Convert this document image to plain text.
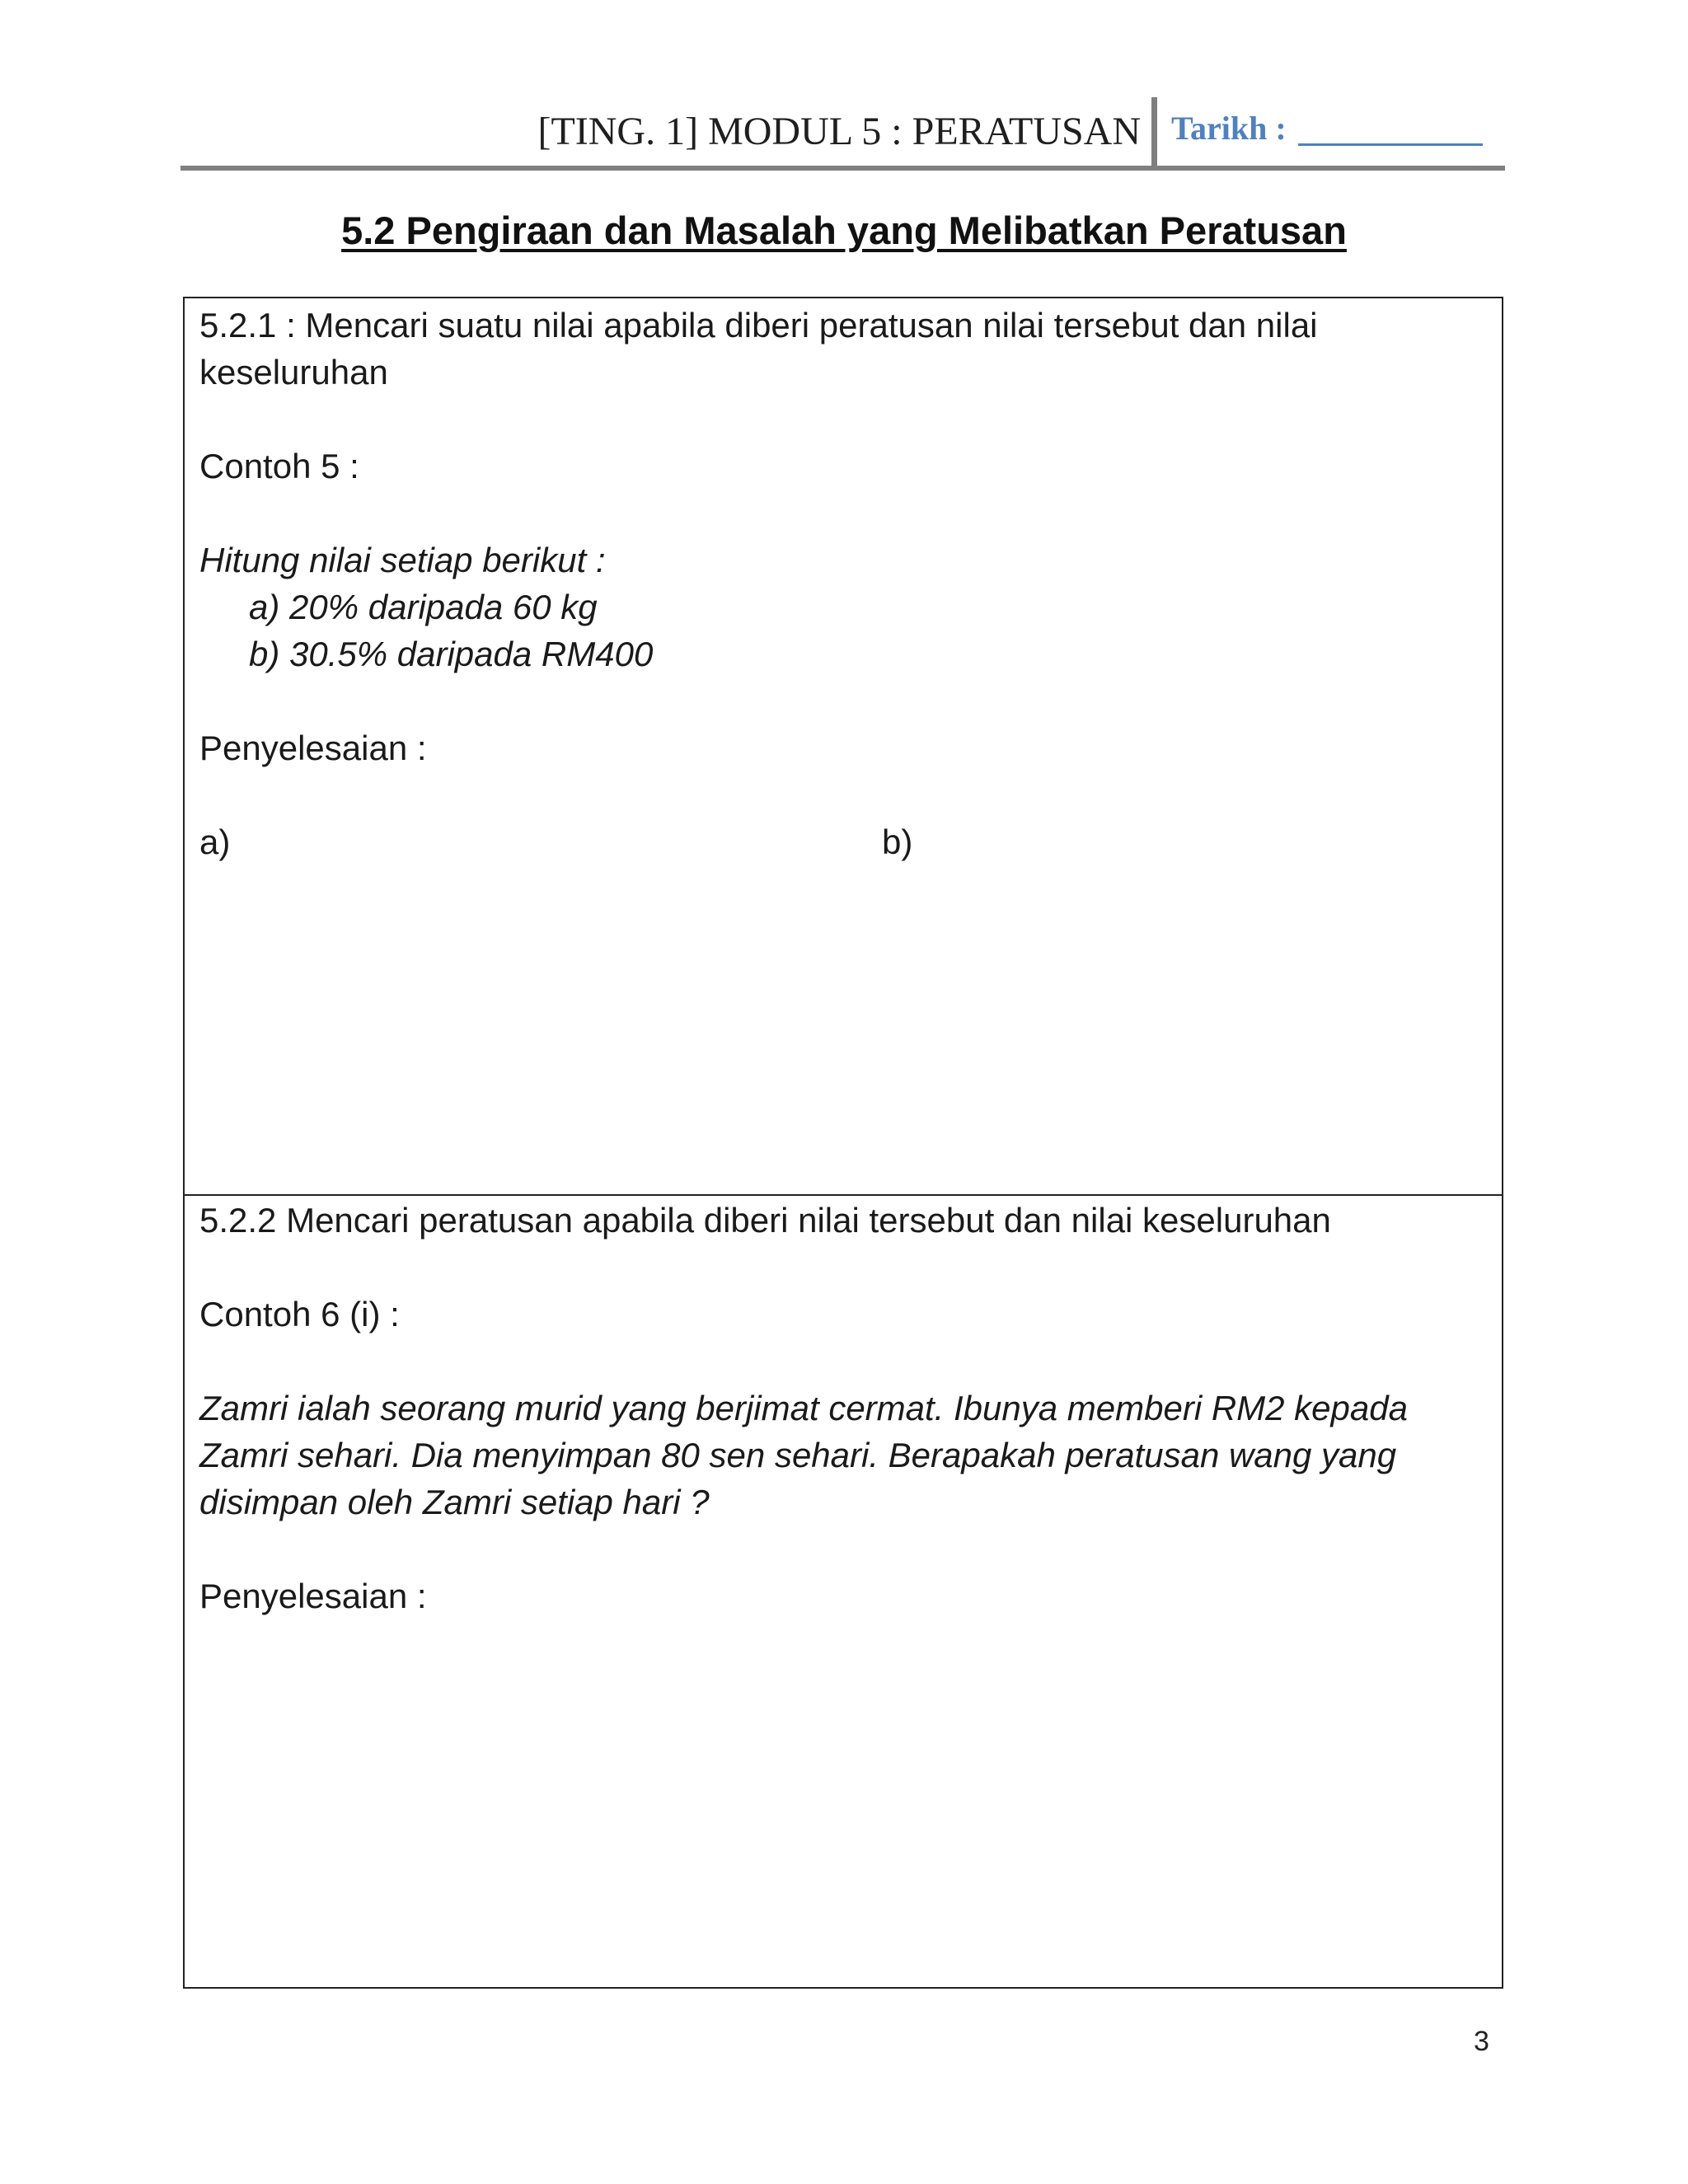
[TING. 1] MODUL 5 : PERATUSAN Tarikh :
5.2 Pengiraan dan Masalah yang Melibatkan Peratusan

5.2.1 : Mencari suatu nilai apabila diberi peratusan nilai tersebut dan nilai

keseluruhan

Contoh 5 :

Hitung nilai setiap berikut :

a) 20% daripada 60 kg

b) 30.5% daripada RM400

Penyelesaian :

a)	b)

5.2.2 Mencari peratusan apabila diberi nilai tersebut dan nilai keseluruhan

Contoh 6 (i) :

Zamri ialah seorang murid yang berjimat cermat. Ibunya memberi RM2 kepada

Zamri sehari. Dia menyimpan 80 sen sehari. Berapakah peratusan wang yang

disimpan oleh Zamri setiap hari ?

Penyelesaian :

3
